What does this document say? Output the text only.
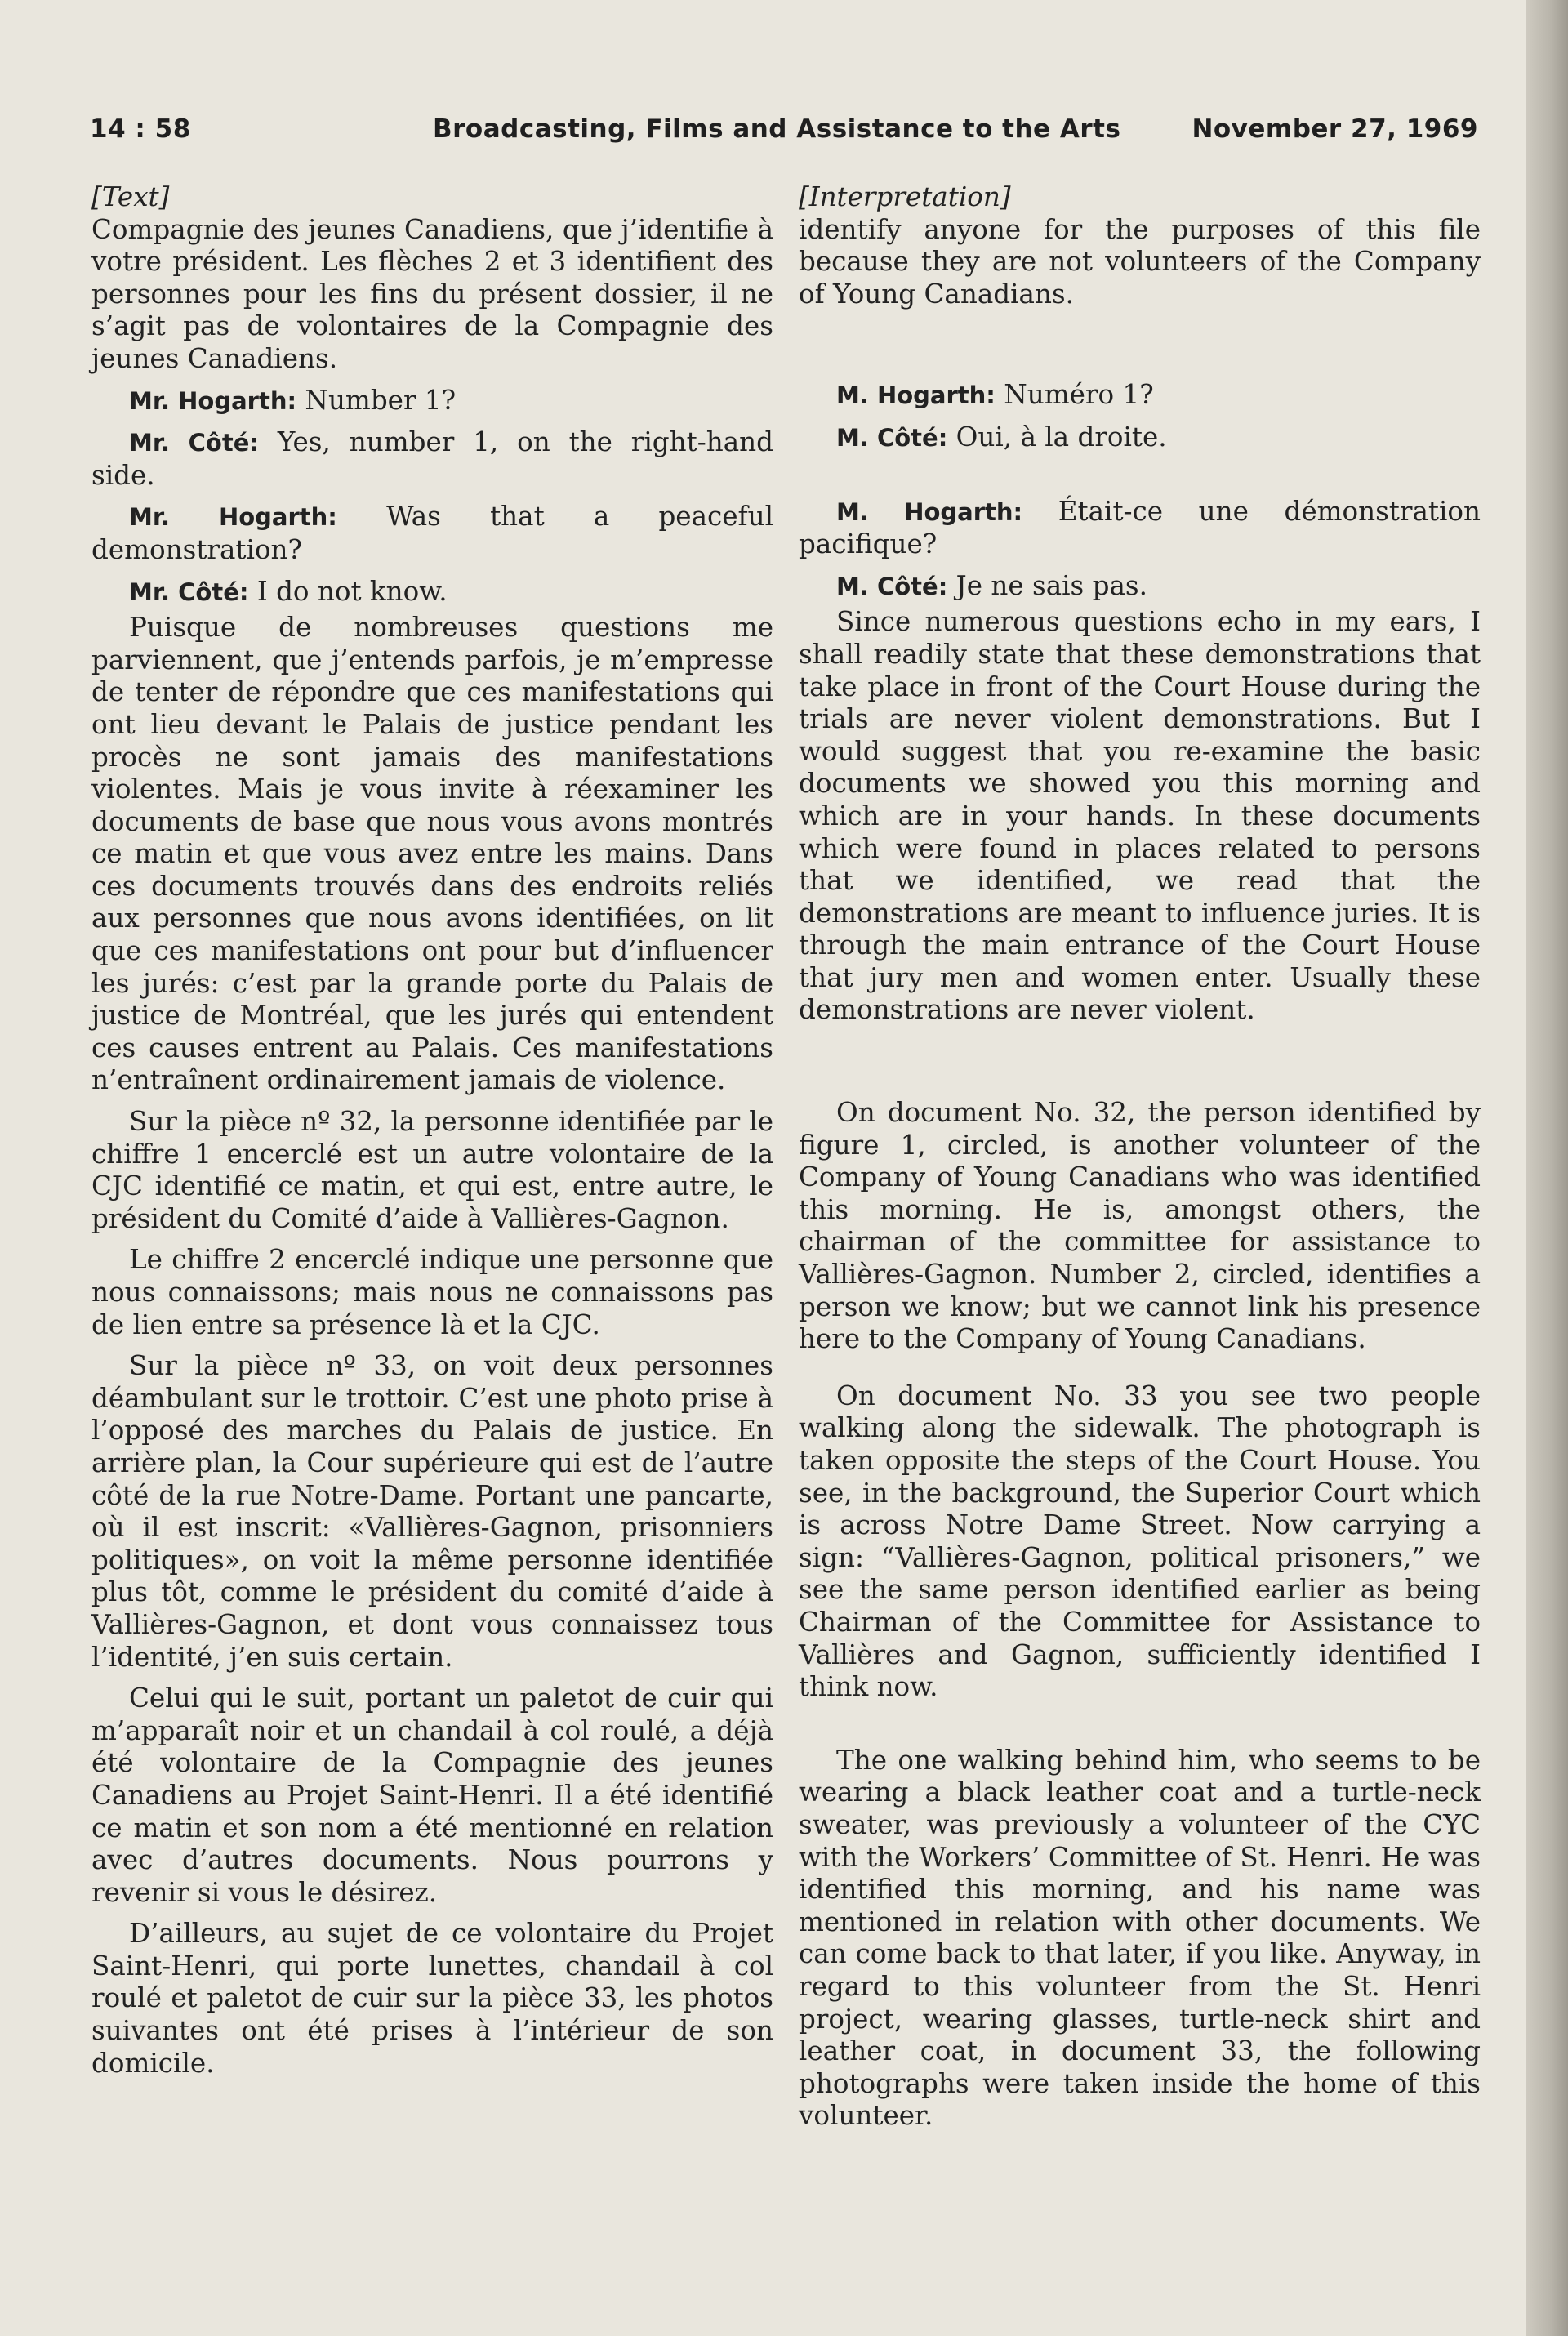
14 : 58	Broadcasting, Films and Assistance to the Arts	November 27, 1969

[Text]

Compagnie des jeunes Canadiens, que j’identifie à votre président. Les flèches 2 et 3 identifient des personnes pour les fins du présent dossier, il ne s’agit pas de volontaires de la Compagnie des jeunes Canadiens.

Mr. Hogarth: Number 1?

Mr. Côté: Yes, number 1, on the right-hand side.

Mr. Hogarth: Was that a peaceful demonstration?

Mr. Côté: I do not know.

Puisque de nombreuses questions me parviennent, que j’entends parfois, je m’empresse de tenter de répondre que ces manifestations qui ont lieu devant le Palais de justice pendant les procès ne sont jamais des manifestations violentes. Mais je vous invite à réexaminer les documents de base que nous vous avons montrés ce matin et que vous avez entre les mains. Dans ces documents trouvés dans des endroits reliés aux personnes que nous avons identifiées, on lit que ces manifestations ont pour but d’influencer les jurés: c’est par la grande porte du Palais de justice de Montréal, que les jurés qui entendent ces causes entrent au Palais. Ces manifestations n’entraînent ordinairement jamais de violence.

Sur la pièce nº 32, la personne identifiée par le chiffre 1 encerclé est un autre volontaire de la CJC identifié ce matin, et qui est, entre autre, le président du Comité d’aide à Vallières-Gagnon.

Le chiffre 2 encerclé indique une personne que nous connaissons; mais nous ne connaissons pas de lien entre sa présence là et la CJC.

Sur la pièce nº 33, on voit deux personnes déambulant sur le trottoir. C’est une photo prise à l’opposé des marches du Palais de justice. En arrière plan, la Cour supérieure qui est de l’autre côté de la rue Notre-Dame. Portant une pancarte, où il est inscrit: «Vallières-Gagnon, prisonniers politiques», on voit la même personne identifiée plus tôt, comme le président du comité d’aide à Vallières-Gagnon, et dont vous connaissez tous l’identité, j’en suis certain.

Celui qui le suit, portant un paletot de cuir qui m’apparaît noir et un chandail à col roulé, a déjà été volontaire de la Compagnie des jeunes Canadiens au Projet Saint-Henri. Il a été identifié ce matin et son nom a été mentionné en relation avec d’autres documents. Nous pourrons y revenir si vous le désirez.

D’ailleurs, au sujet de ce volontaire du Projet Saint-Henri, qui porte lunettes, chandail à col roulé et paletot de cuir sur la pièce 33, les photos suivantes ont été prises à l’intérieur de son domicile.

[Interpretation]

identify anyone for the purposes of this file because they are not volunteers of the Company of Young Canadians.

M. Hogarth: Numéro 1?

M. Côté: Oui, à la droite.

M. Hogarth: Était-ce une démonstration pacifique?

M. Côté: Je ne sais pas.

Since numerous questions echo in my ears, I shall readily state that these demonstrations that take place in front of the Court House during the trials are never violent demonstrations. But I would suggest that you re-examine the basic documents we showed you this morning and which are in your hands. In these documents which were found in places related to persons that we identified, we read that the demonstrations are meant to influence juries. It is through the main entrance of the Court House that jury men and women enter. Usually these demonstrations are never violent.

On document No. 32, the person identified by figure 1, circled, is another volunteer of the Company of Young Canadians who was identified this morning. He is, amongst others, the chairman of the committee for assistance to Vallières-Gagnon. Number 2, circled, identifies a person we know; but we cannot link his presence here to the Company of Young Canadians.

On document No. 33 you see two people walking along the sidewalk. The photograph is taken opposite the steps of the Court House. You see, in the background, the Superior Court which is across Notre Dame Street. Now carrying a sign: “Vallières-Gagnon, political prisoners,” we see the same person identified earlier as being Chairman of the Committee for Assistance to Vallières and Gagnon, sufficiently identified I think now.

The one walking behind him, who seems to be wearing a black leather coat and a turtle-neck sweater, was previously a volunteer of the CYC with the Workers’ Committee of St. Henri. He was identified this morning, and his name was mentioned in relation with other documents. We can come back to that later, if you like. Anyway, in regard to this volunteer from the St. Henri project, wearing glasses, turtle-neck shirt and leather coat, in document 33, the following photographs were taken inside the home of this volunteer.
